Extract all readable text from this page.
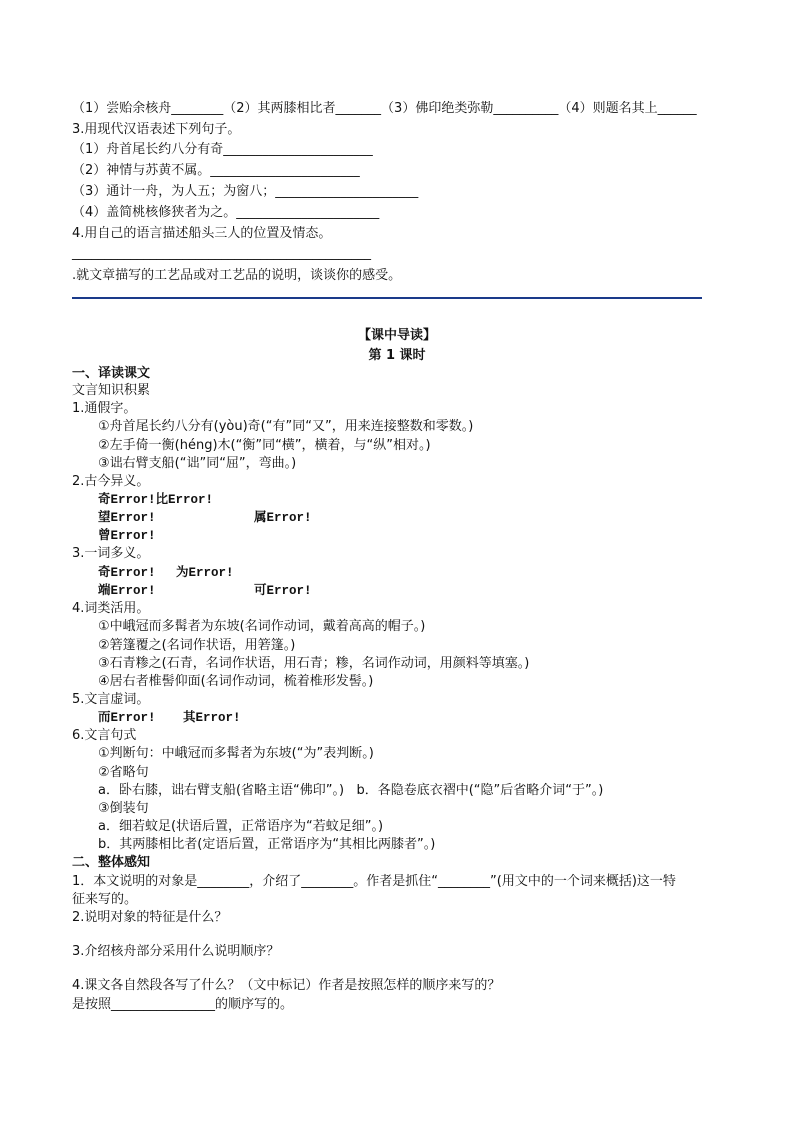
（1）尝贻余核舟________（2）其两膝相比者_______（3）佛印绝类弥勒__________（4）则题名其上______
3.用现代汉语表述下列句子。
（1）舟首尾长约八分有奇_______________________
（2）神情与苏黄不属。_______________________
（3）通计一舟，为人五；为窗八；______________________
（4）盖简桃核修狭者为之。______________________
4.用自己的语言描述船头三人的位置及情态。
______________________________________________
.就文章描写的工艺品或对工艺品的说明，谈谈你的感受。
【课中导读】
第 1 课时
一、译读课文
文言知识积累
1.通假字。
①舟首尾长约八分有(yòu)奇(“有”同“又”，用来连接整数和零数。)
②左手倚一衡(héng)木(“衡”同“横”，横着，与“纵”相对。)
③诎右臂支船(“诎”同“屈”，弯曲。)
2.古今异义。
奇Error!比Error!
望Error!	属Error!
曾Error!
3.一词多义。
奇Error! 为Error!
端Error!	可Error!
4.词类活用。
①中峨冠而多髯者为东坡(名词作动词，戴着高高的帽子。)
②箬篷覆之(名词作状语，用箬篷。)
③石青糁之(石青，名词作状语，用石青；糁，名词作动词，用颜料等填塞。)
④居右者椎髻仰面(名词作动词，梳着椎形发髻。)
5.文言虚词。
而Error! 其Error!
6.文言句式
①判断句：中峨冠而多髯者为东坡(“为”表判断。)
②省略句
a．卧右膝，诎右臂支船(省略主语“佛印”。)   b．各隐卷底衣褶中(“隐”后省略介词“于”。)
③倒装句
a．细若蚊足(状语后置，正常语序为“若蚊足细”。)
b．其两膝相比者(定语后置，正常语序为“其相比两膝者”。)
二、整体感知
1．本文说明的对象是________，介绍了________。作者是抓住“________”(用文中的一个词来概括)这一特
征来写的。
2.说明对象的特征是什么？
3.介绍核舟部分采用什么说明顺序？
4.课文各自然段各写了什么？（文中标记）作者是按照怎样的顺序来写的？
是按照________________的顺序写的。
